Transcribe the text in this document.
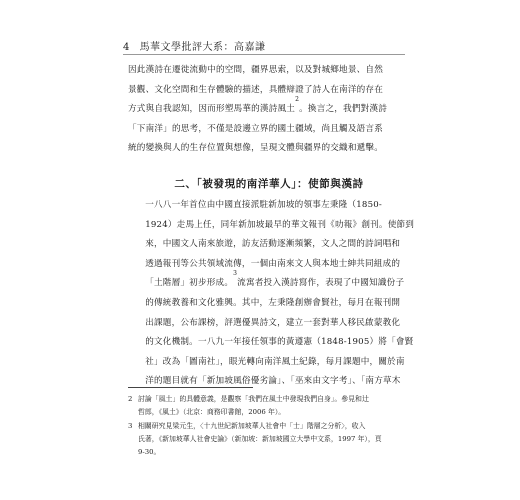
4 馬華文學批評大系：高嘉謙
因此漢詩在遷徙流動中的空間，疆界思索，以及對城鄉地景、自然
景觀、文化空間和生存體驗的描述，具體辯證了詩人在南洋的存在
方式與自我認知，因而形塑馬華的漢詩風土$^2$。換言之，我們對漢詩
「下南洋」的思考，不僅是設邊立界的國土疆域，尚且觸及語言系
統的變換與人的生存位置與想像，呈現文體與疆界的交織和遞擊。
二、「被發現的南洋華人」：使節與漢詩
一八八一年首位由中國直接派駐新加坡的領事左秉隆（1850-
1924）走馬上任，同年新加坡最早的華文報刊《叻報》創刊。使節到
來，中國文人南來旅遊，訪友活動逐漸頻繁，文人之間的詩詞唱和
透過報刊等公共領域流傳，一個由南來文人與本地士紳共同組成的
「土階層」初步形成。$^3$流寓者投入漢詩寫作，表現了中國知識份子
的傳統教養和文化雅興。其中，左秉隆創辦會賢社，每月在報刊開
出課題，公布課榜，評選優異詩文，建立一套對華人移民啟蒙教化
的文化機制。一八九一年接任領事的黃遵憲（1848-1905）將「會賢
社」改為「圖南社」，眼光轉向南洋風土紀錄，每月課題中，關於南
洋的題目就有「新加坡風俗優劣論」、「巫來由文字考」、「南方草木
2 討論「風土」的具體意義，是觀察「我們在風土中發現我們自身」。參見和辻
哲郎，《風土》（北京：商務印書館，2006 年）。
3 相關研究見梁元生，〈十九世紀新加坡華人社會中「士」階層之分析〉，收入
氏著，《新加坡華人社會史論》（新加坡：新加坡國立大學中文系，1997 年），頁
9-30。
